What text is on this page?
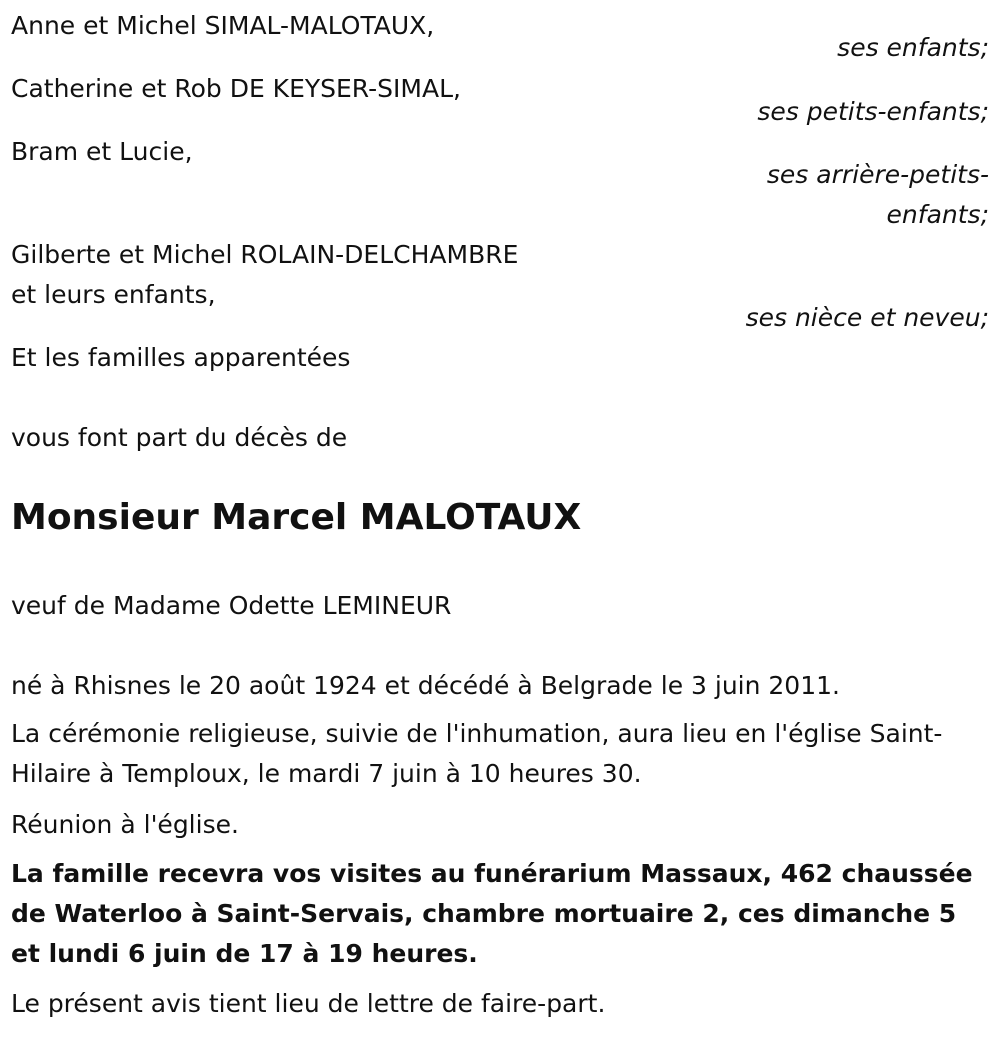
Anne et Michel SIMAL-MALOTAUX,
ses enfants;
Catherine et Rob DE KEYSER-SIMAL,
ses petits-enfants;
Bram et Lucie,
ses arrière-petits-
enfants;
Gilberte et Michel ROLAIN-DELCHAMBRE
et leurs enfants,
ses nièce et neveu;
Et les familles apparentées
vous font part du décès de
Monsieur Marcel MALOTAUX
veuf de Madame Odette LEMINEUR
né à Rhisnes le 20 août 1924 et décédé à Belgrade le 3 juin 2011.
La cérémonie religieuse, suivie de l'inhumation, aura lieu en l'église Saint-Hilaire à Temploux, le mardi 7 juin à 10 heures 30.
Réunion à l'église.
La famille recevra vos visites au funérarium Massaux, 462 chaussée de Waterloo à Saint-Servais, chambre mortuaire 2, ces dimanche 5 et lundi 6 juin de 17 à 19 heures.
Le présent avis tient lieu de lettre de faire-part.
